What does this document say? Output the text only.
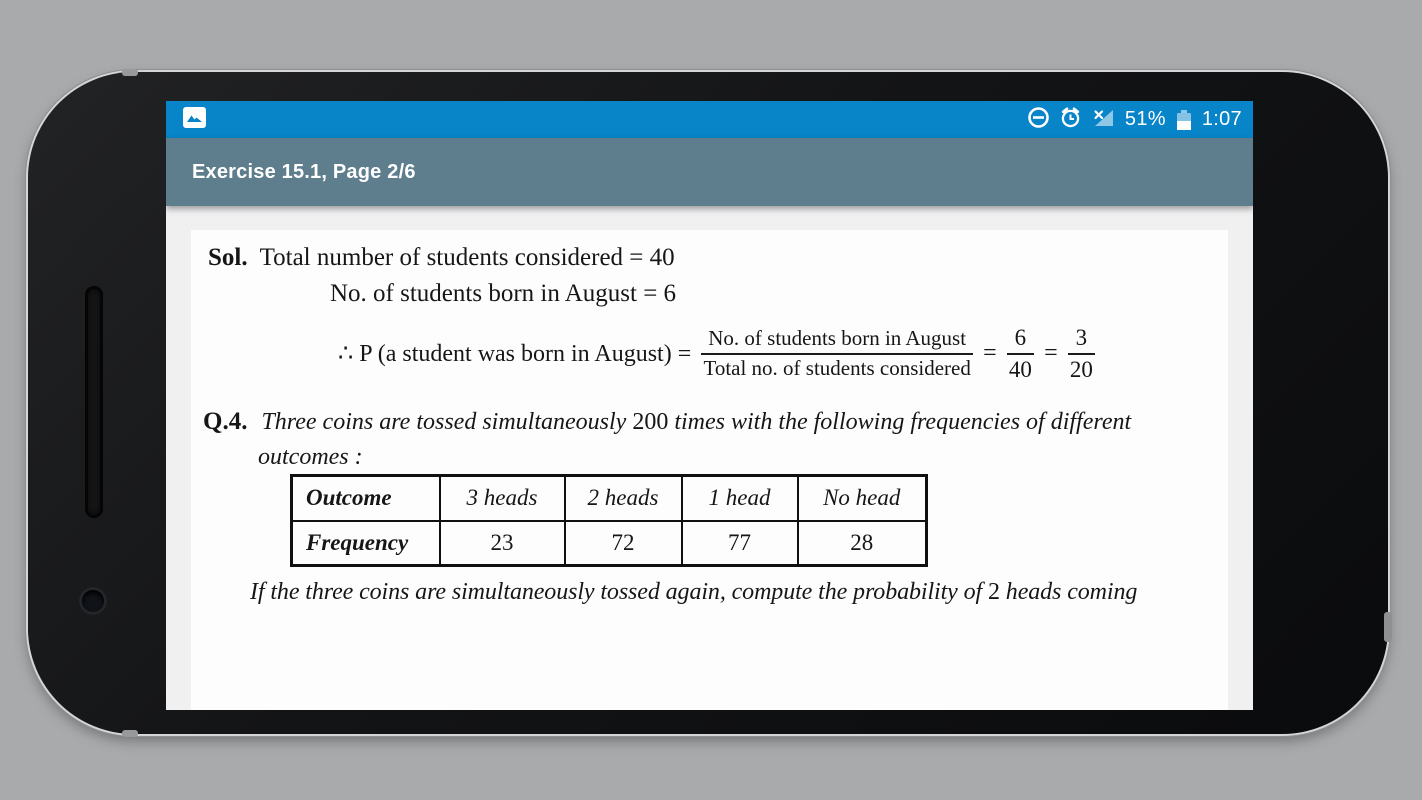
51% 1:07
Exercise 15.1, Page 2/6
Sol. Total number of students considered = 40
No. of students born in August = 6
∴ P (a student was born in August) = $\frac{\text{No. of students born in August}}{\text{Total no. of students considered}} = \frac{6}{40} = \frac{3}{20}$
Q.4. Three coins are tossed simultaneously 200 times with the following frequencies of different
outcomes :
Outcome	3 heads	2 heads	1 head	No head
Frequency	23	72	77	28
If the three coins are simultaneously tossed again, compute the probability of 2 heads coming
